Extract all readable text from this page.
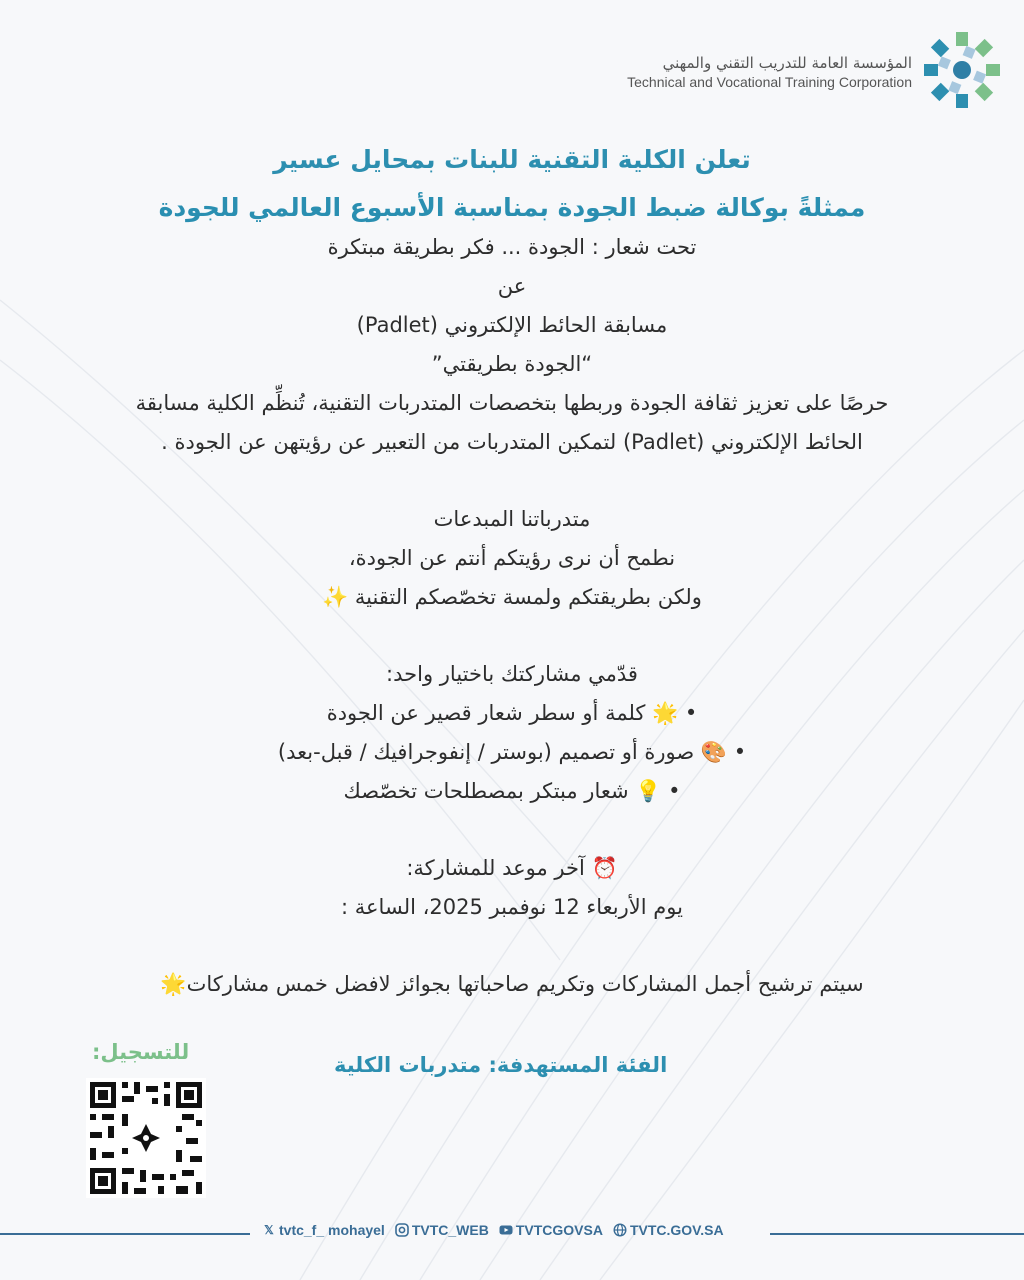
المؤسسة العامة للتدريب التقني والمهني
Technical and Vocational Training Corporation
تعلن الكلية التقنية للبنات بمحايل عسير
ممثلةً بوكالة ضبط الجودة بمناسبة الأسبوع العالمي للجودة
تحت شعار : الجودة ... فكر بطريقة مبتكرة
عن
مسابقة الحائط الإلكتروني (Padlet)
“الجودة بطريقتي”
حرصًا على تعزيز ثقافة الجودة وربطها بتخصصات المتدربات التقنية، تُنظِّم الكلية مسابقة
الحائط الإلكتروني (Padlet) لتمكين المتدربات من التعبير عن رؤيتهن عن الجودة .
متدرباتنا المبدعات
نطمح أن نرى رؤيتكم أنتم عن الجودة،
ولكن بطريقتكم ولمسة تخصّصكم التقنية ✨
قدّمي مشاركتك باختيار واحد:
• 🌟 كلمة أو سطر شعار قصير عن الجودة
• 🎨 صورة أو تصميم (بوستر / إنفوجرافيك / قبل-بعد)
• 💡 شعار مبتكر بمصطلحات تخصّصك
⏰ آخر موعد للمشاركة:
يوم الأربعاء 12 نوفمبر 2025، الساعة :
سيتم ترشيح أجمل المشاركات وتكريم صاحباتها بجوائز لافضل خمس مشاركات🌟
الفئة المستهدفة: متدربات الكلية
للتسجيل:
𝕏 tvtc_f_ mohayel TVTC_WEB TVTCGOVSA TVTC.GOV.SA
